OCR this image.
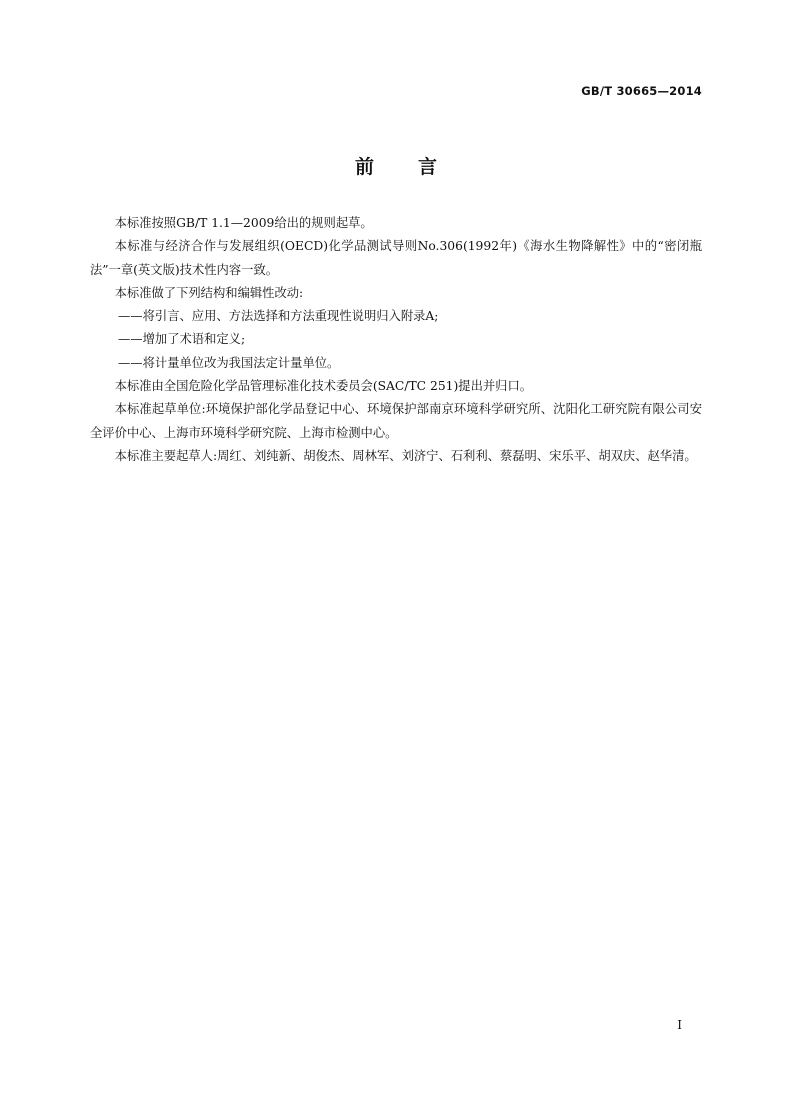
GB/T 30665—2014
前言

本标准按照GB/T 1.1—2009给出的规则起草。

本标准与经济合作与发展组织(OECD)化学品测试导则No.306(1992年)《海水生物降解性》中的“密闭瓶法”一章(英文版)技术性内容一致。

本标准做了下列结构和编辑性改动:

——将引言、应用、方法选择和方法重现性说明归入附录A;

——增加了术语和定义;

——将计量单位改为我国法定计量单位。

本标准由全国危险化学品管理标准化技术委员会(SAC/TC 251)提出并归口。

本标准起草单位:环境保护部化学品登记中心、环境保护部南京环境科学研究所、沈阳化工研究院有限公司安全评价中心、上海市环境科学研究院、上海市检测中心。

本标准主要起草人:周红、刘纯新、胡俊杰、周林军、刘济宁、石利利、蔡磊明、宋乐平、胡双庆、赵华清。

I
